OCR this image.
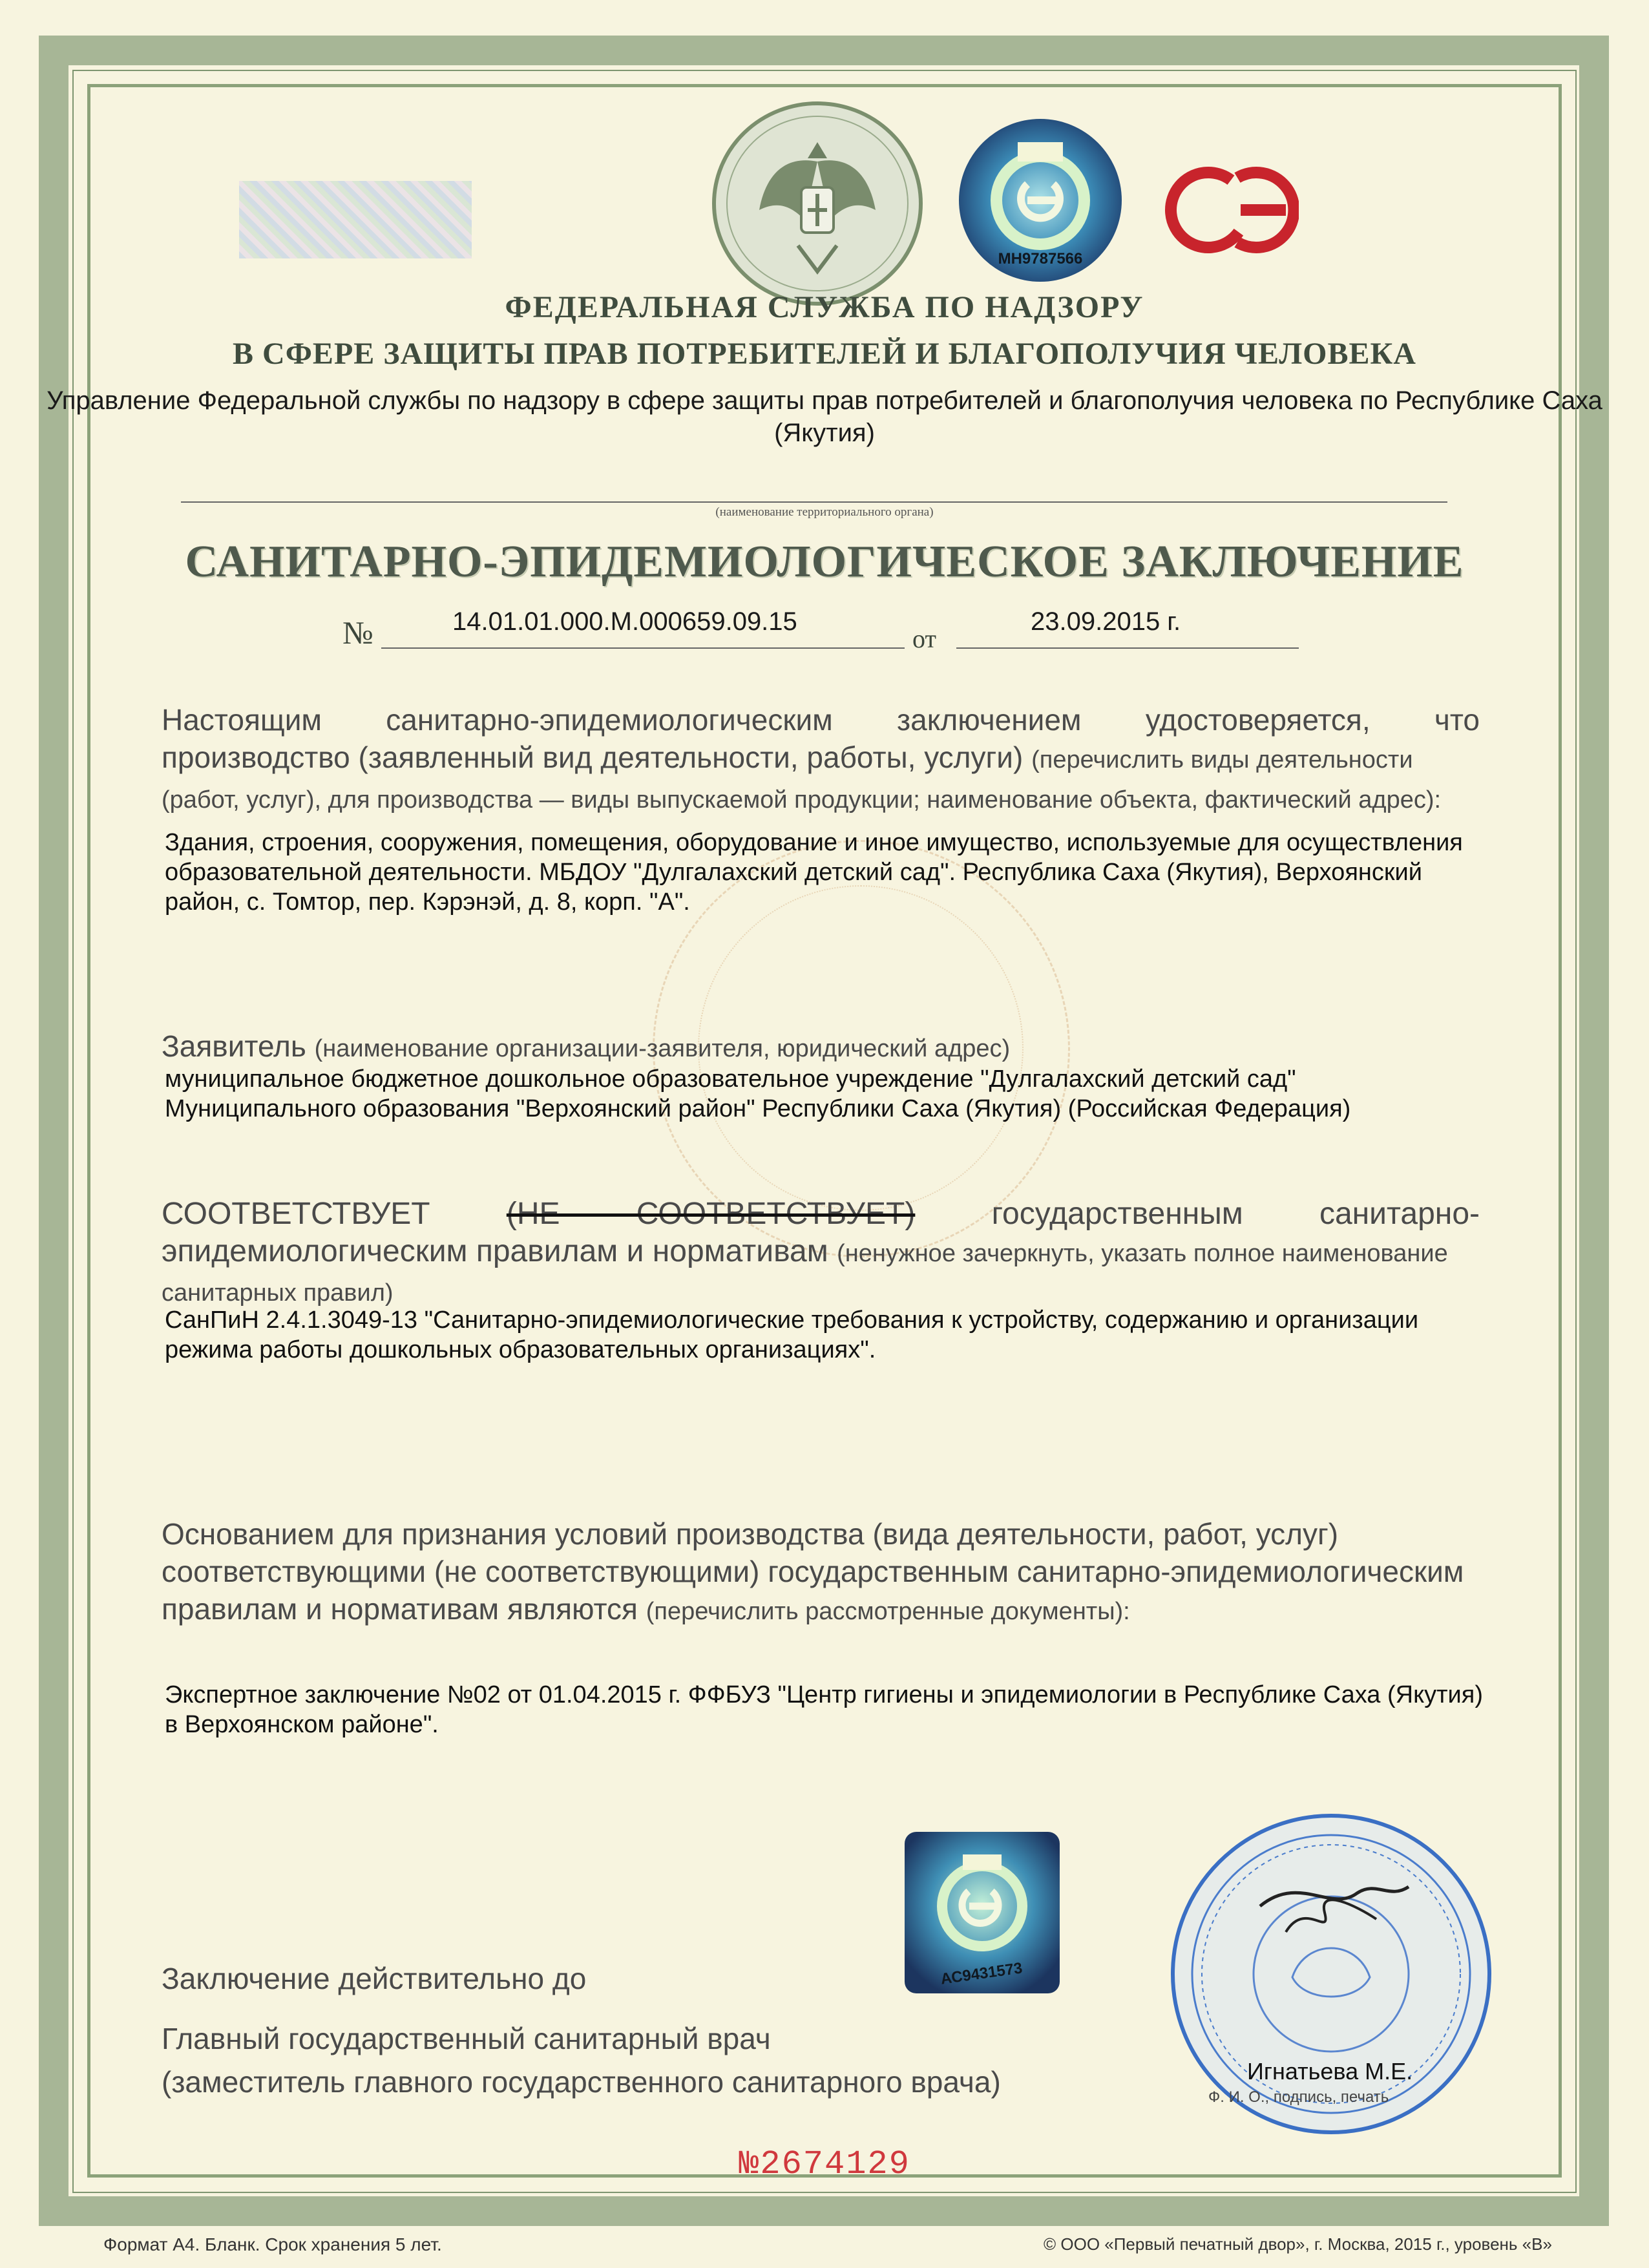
МН9787566
ФЕДЕРАЛЬНАЯ СЛУЖБА ПО НАДЗОРУ
В СФЕРЕ ЗАЩИТЫ ПРАВ ПОТРЕБИТЕЛЕЙ И БЛАГОПОЛУЧИЯ ЧЕЛОВЕКА
Управление Федеральной службы по надзору в сфере защиты прав потребителей и благополучия человека по Республике Саха (Якутия)
(наименование территориального органа)
САНИТАРНО-ЭПИДЕМИОЛОГИЧЕСКОЕ ЗАКЛЮЧЕНИЕ
№	14.01.01.000.М.000659.09.15
от
23.09.2015 г.
Настоящим санитарно-эпидемиологическим заключением удостоверяется, что
производство (заявленный вид деятельности, работы, услуги) (перечислить виды деятельности (работ, услуг), для производства — виды выпускаемой продукции; наименование объекта, фактический адрес):
Здания, строения, сооружения, помещения, оборудование и иное имущество, используемые для осуществления образовательной деятельности. МБДОУ "Дулгалахский детский сад". Республика Саха (Якутия), Верхоянский район, с. Томтор, пер. Кэрэнэй, д. 8, корп. "А".
Заявитель (наименование организации-заявителя, юридический адрес)
муниципальное бюджетное дошкольное образовательное учреждение "Дулгалахский детский сад" Муниципального образования "Верхоянский район" Республики Саха (Якутия) (Российская Федерация)
СООТВЕТСТВУЕТ (НЕ СООТВЕТСТВУЕТ) государственным санитарно-
эпидемиологическим правилам и нормативам (ненужное зачеркнуть, указать полное наименование санитарных правил)
СанПиН 2.4.1.3049-13 "Санитарно-эпидемиологические требования к устройству, содержанию и организации режима работы дошкольных образовательных организациях".
Основанием для признания условий производства (вида деятельности, работ, услуг) соответствующими (не соответствующими) государственным санитарно-эпидемиологическим правилам и нормативам являются (перечислить рассмотренные документы):
Экспертное заключение №02 от 01.04.2015 г. ФФБУЗ "Центр гигиены и эпидемиологии в Республике Саха (Якутия) в Верхоянском районе".
АС9431573
Заключение действительно до
Главный государственный санитарный врач
(заместитель главного государственного санитарного врача)	Игнатьева М.Е.
Ф. И. О., подпись, печать
№2674129
Формат А4. Бланк. Срок хранения 5 лет.	© ООО «Первый печатный двор», г. Москва, 2015 г., уровень «В»
